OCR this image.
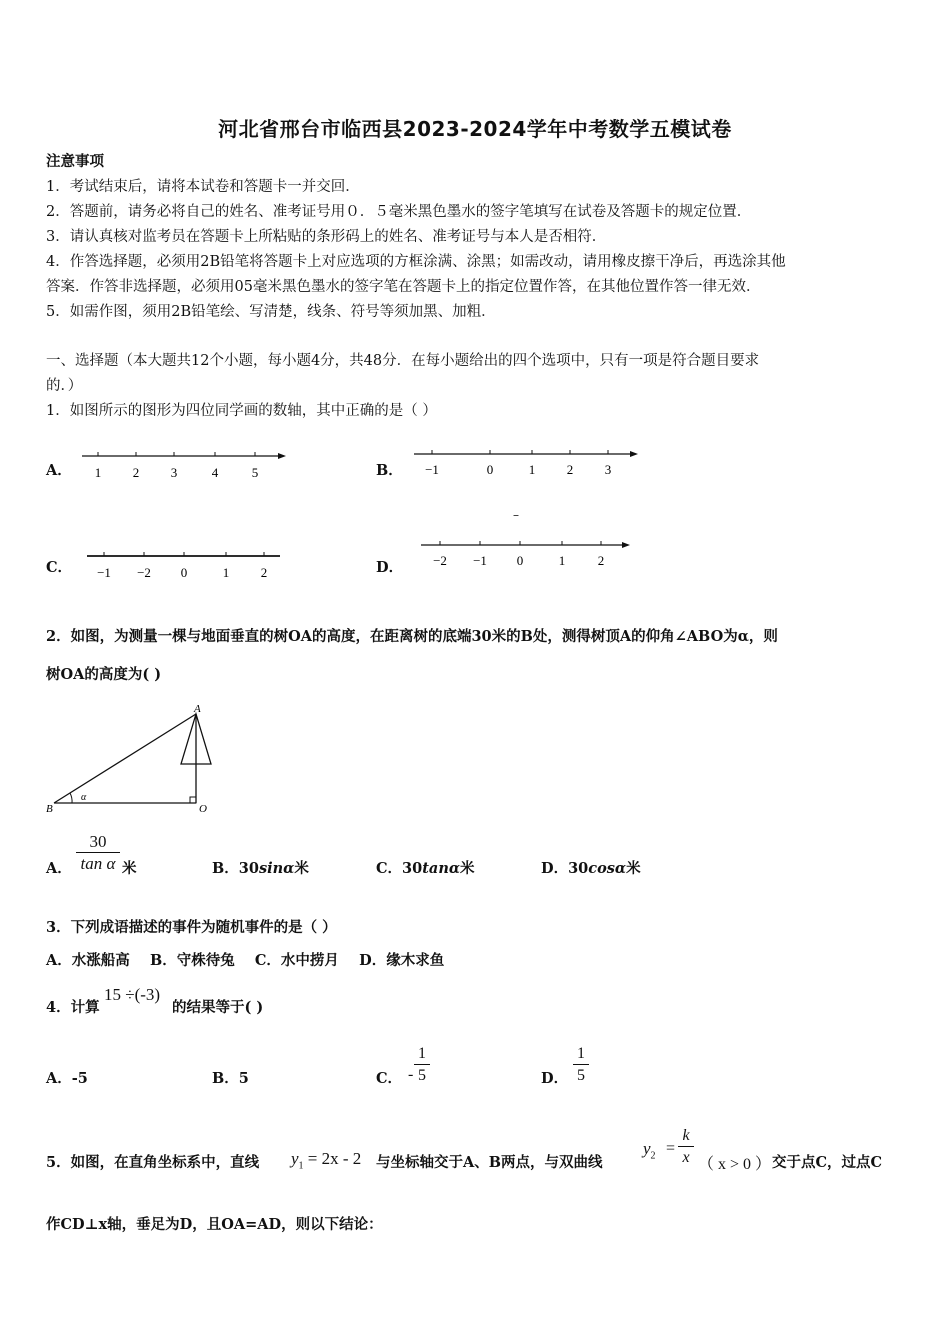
河北省邢台市临西县2023-2024学年中考数学五模试卷
注意事项
1．考试结束后，请将本试卷和答题卡一并交回．
2．答题前，请务必将自己的姓名、准考证号用０．５毫米黑色墨水的签字笔填写在试卷及答题卡的规定位置．
3．请认真核对监考员在答题卡上所粘贴的条形码上的姓名、准考证号与本人是否相符．
4．作答选择题，必须用2B铅笔将答题卡上对应选项的方框涂满、涂黑；如需改动，请用橡皮擦干净后，再选涂其他
答案．作答非选择题，必须用05毫米黑色墨水的签字笔在答题卡上的指定位置作答，在其他位置作答一律无效．
5．如需作图，须用2B铅笔绘、写清楚，线条、符号等须加黑、加粗．
一、选择题（本大题共12个小题，每小题4分，共48分．在每小题给出的四个选项中，只有一项是符合题目要求
的．）
1．如图所示的图形为四位同学画的数轴，其中正确的是（ ）
A． 1 2 3	4	5	B． −1	0	1 2 3
–
C． −1 −2 0	1 2	D． −2 −1 0	1	2
2．如图，为测量一棵与地面垂直的树OA的高度，在距离树的底端30米的B处，测得树顶A的仰角∠ABO为α，则
树OA的高度为( )
A
B	O
α
A． $\frac{30}{\text{tan α}}$ 米	B．30sinα米	C．30tanα米	D．30cosα米
3．下列成语描述的事件为随机事件的是（ ）
A．水涨船高    B．守株待兔    C．水中捞月    D．缘木求鱼
4．计算
15 ÷(-3)
的结果等于( )
A．-5	B．5	C． - $\frac{1}{5}$	D． $\frac{1}{5}$
5．如图，在直角坐标系中，直线 $y_1 = 2x - 2$ 与坐标轴交于A、B两点，与双曲线
$y_2 = \frac{k}{x}$ （ x > 0 ） 交于点C，过点C
作CD⊥x轴，垂足为D，且OA=AD，则以下结论：
